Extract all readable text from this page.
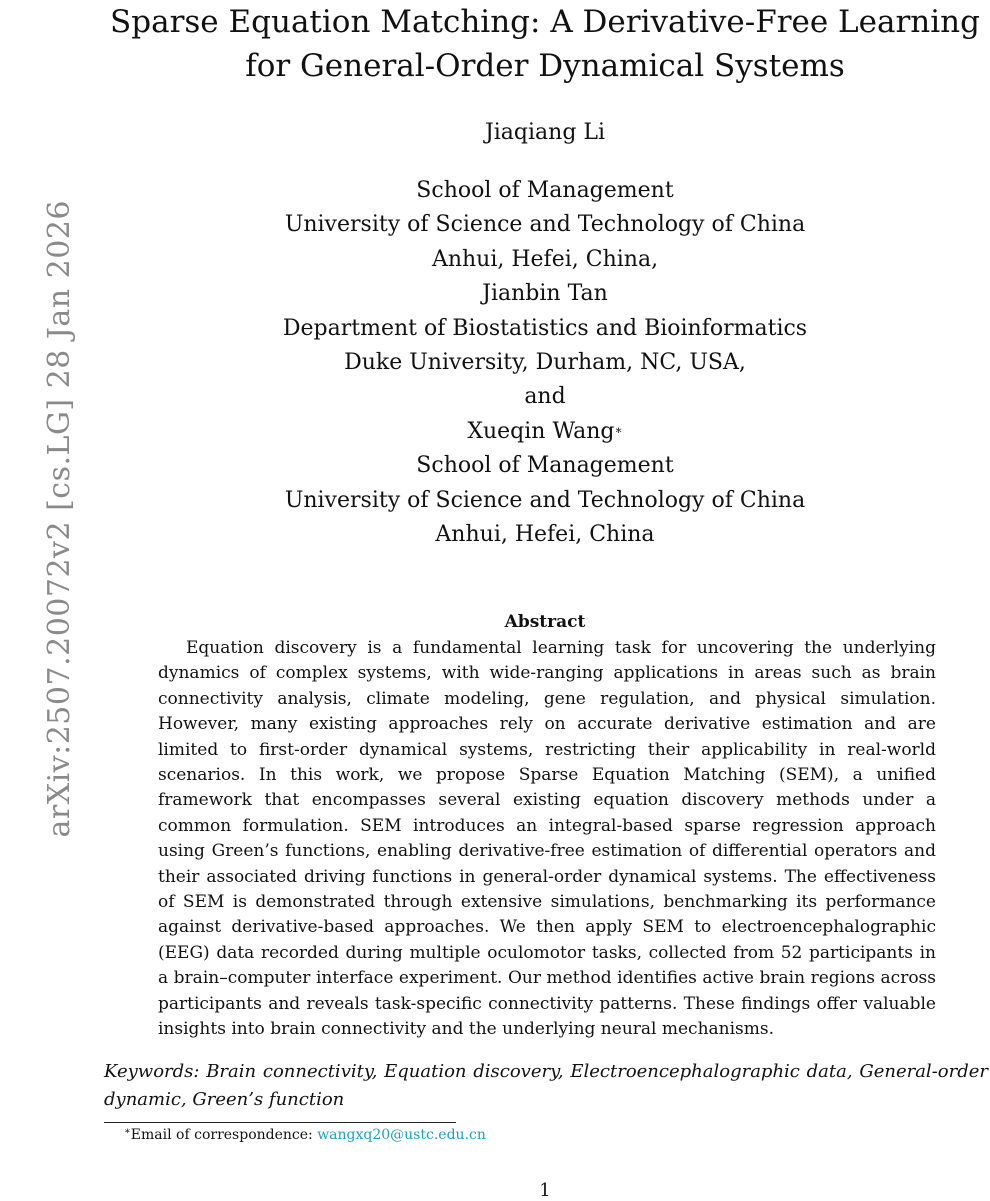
arXiv:2507.20072v2 [cs.LG] 28 Jan 2026
Sparse Equation Matching: A Derivative-Free Learning
for General-Order Dynamical Systems
Jiaqiang Li
School of Management
University of Science and Technology of China
Anhui, Hefei, China,
Jianbin Tan
Department of Biostatistics and Bioinformatics
Duke University, Durham, NC, USA,
and
Xueqin Wang∗
School of Management
University of Science and Technology of China
Anhui, Hefei, China
Abstract
Equation discovery is a fundamental learning task for uncovering the underlying dynamics of complex systems, with wide-ranging applications in areas such as brain connectivity analysis, climate modeling, gene regulation, and physical simulation. However, many existing approaches rely on accurate derivative estimation and are limited to first-order dynamical systems, restricting their applicability in real-world scenarios. In this work, we propose Sparse Equation Matching (SEM), a unified framework that encompasses several existing equation discovery methods under a common formulation. SEM introduces an integral-based sparse regression approach using Green’s functions, enabling derivative-free estimation of differential operators and their associated driving functions in general-order dynamical systems. The effectiveness of SEM is demonstrated through extensive simulations, benchmarking its performance against derivative-based approaches. We then apply SEM to electroencephalographic (EEG) data recorded during multiple oculomotor tasks, collected from 52 participants in a brain–computer interface experiment. Our method identifies active brain regions across participants and reveals task-specific connectivity patterns. These findings offer valuable insights into brain connectivity and the underlying neural mechanisms.
Keywords: Brain connectivity, Equation discovery, Electroencephalographic data, General-order dynamic, Green’s function
∗Email of correspondence: wangxq20@ustc.edu.cn
1
